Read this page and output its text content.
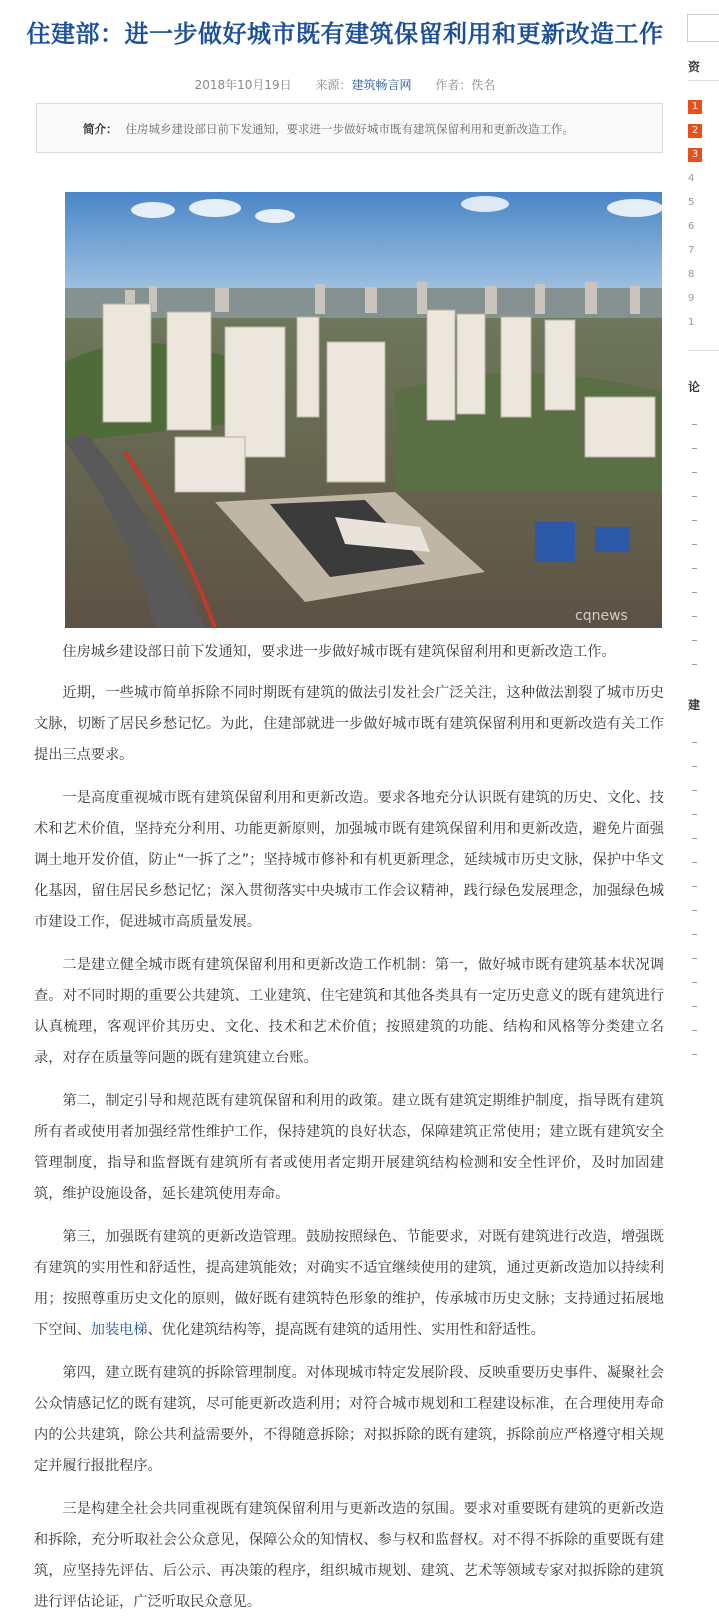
住建部：进一步做好城市既有建筑保留利用和更新改造工作
2018年10月19日 来源：建筑畅言网 作者：佚名
简介： 住房城乡建设部日前下发通知，要求进一步做好城市既有建筑保留利用和更新改造工作。
cqnews

住房城乡建设部日前下发通知，要求进一步做好城市既有建筑保留利用和更新改造工作。

近期，一些城市简单拆除不同时期既有建筑的做法引发社会广泛关注，这种做法割裂了城市历史文脉，切断了居民乡愁记忆。为此，住建部就进一步做好城市既有建筑保留利用和更新改造有关工作提出三点要求。

一是高度重视城市既有建筑保留利用和更新改造。要求各地充分认识既有建筑的历史、文化、技术和艺术价值，坚持充分利用、功能更新原则，加强城市既有建筑保留利用和更新改造，避免片面强调土地开发价值，防止“一拆了之”；坚持城市修补和有机更新理念，延续城市历史文脉，保护中华文化基因，留住居民乡愁记忆；深入贯彻落实中央城市工作会议精神，践行绿色发展理念，加强绿色城市建设工作，促进城市高质量发展。

二是建立健全城市既有建筑保留利用和更新改造工作机制：第一，做好城市既有建筑基本状况调查。对不同时期的重要公共建筑、工业建筑、住宅建筑和其他各类具有一定历史意义的既有建筑进行认真梳理，客观评价其历史、文化、技术和艺术价值；按照建筑的功能、结构和风格等分类建立名录，对存在质量等问题的既有建筑建立台账。

第二，制定引导和规范既有建筑保留和利用的政策。建立既有建筑定期维护制度，指导既有建筑所有者或使用者加强经常性维护工作，保持建筑的良好状态，保障建筑正常使用；建立既有建筑安全管理制度，指导和监督既有建筑所有者或使用者定期开展建筑结构检测和安全性评价，及时加固建筑，维护设施设备，延长建筑使用寿命。

第三，加强既有建筑的更新改造管理。鼓励按照绿色、节能要求，对既有建筑进行改造，增强既有建筑的实用性和舒适性，提高建筑能效；对确实不适宜继续使用的建筑，通过更新改造加以持续利用；按照尊重历史文化的原则，做好既有建筑特色形象的维护，传承城市历史文脉；支持通过拓展地下空间、加装电梯、优化建筑结构等，提高既有建筑的适用性、实用性和舒适性。

第四，建立既有建筑的拆除管理制度。对体现城市特定发展阶段、反映重要历史事件、凝聚社会公众情感记忆的既有建筑，尽可能更新改造利用；对符合城市规划和工程建设标准，在合理使用寿命内的公共建筑，除公共利益需要外，不得随意拆除；对拟拆除的既有建筑，拆除前应严格遵守相关规定并履行报批程序。

三是构建全社会共同重视既有建筑保留利用与更新改造的氛围。要求对重要既有建筑的更新改造和拆除，充分听取社会公众意见，保障公众的知情权、参与权和监督权。对不得不拆除的重要既有建筑，应坚持先评估、后公示、再决策的程序，组织城市规划、建筑、艺术等领域专家对拟拆除的建筑进行评估论证，广泛听取民众意见。

资
1
2
3
4
5
6
7
8
9
1
论
建
